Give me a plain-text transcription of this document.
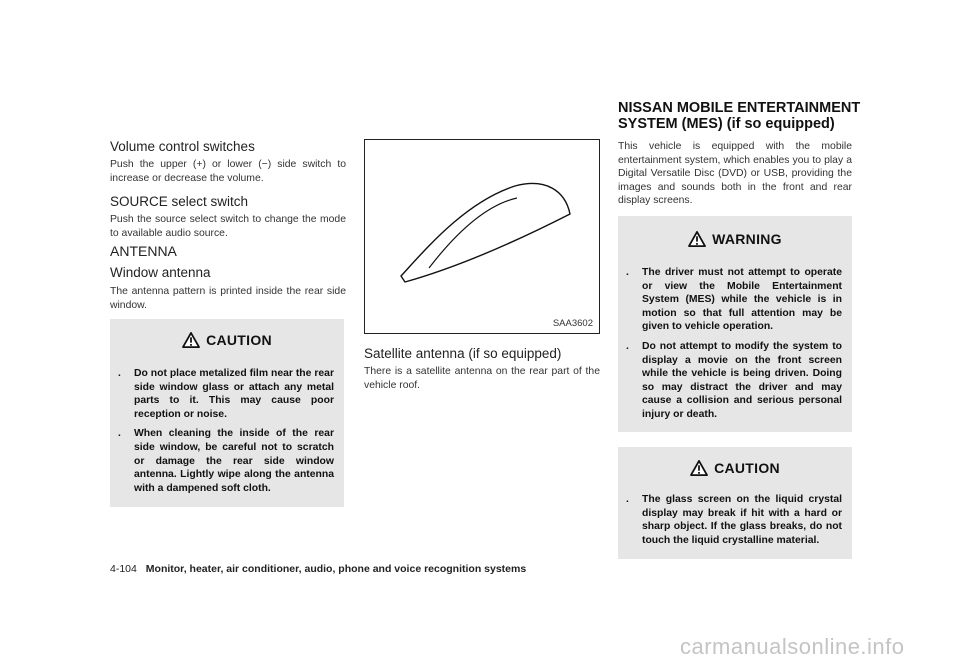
Volume control switches

Push the upper (+) or lower (−) side switch to increase or decrease the volume.

SOURCE select switch

Push the source select switch to change the mode to available audio source.

ANTENNA
Window antenna

The antenna pattern is printed inside the rear side window.

CAUTION
. Do not place metalized film near the rear side window glass or attach any metal parts to it. This may cause poor reception or noise.
. When cleaning the inside of the rear side window, be careful not to scratch or damage the rear side window antenna. Lightly wipe along the antenna with a dampened soft cloth.
SAA3602
Satellite antenna (if so equipped)

There is a satellite antenna on the rear part of the vehicle roof.

NISSAN MOBILE ENTERTAINMENT
SYSTEM (MES) (if so equipped)

This vehicle is equipped with the mobile entertainment system, which enables you to play a Digital Versatile Disc (DVD) or USB, providing the images and sounds both in the front and rear display screens.

WARNING
. The driver must not attempt to operate or view the Mobile Entertainment System (MES) while the vehicle is in motion so that full attention may be given to vehicle operation.
. Do not attempt to modify the system to display a movie on the front screen while the vehicle is being driven. Doing so may distract the driver and may cause a collision and serious personal injury or death.
CAUTION
. The glass screen on the liquid crystal display may break if hit with a hard or sharp object. If the glass breaks, do not touch the liquid crystalline material.
4-104 Monitor, heater, air conditioner, audio, phone and voice recognition systems
carmanualsonline.info
